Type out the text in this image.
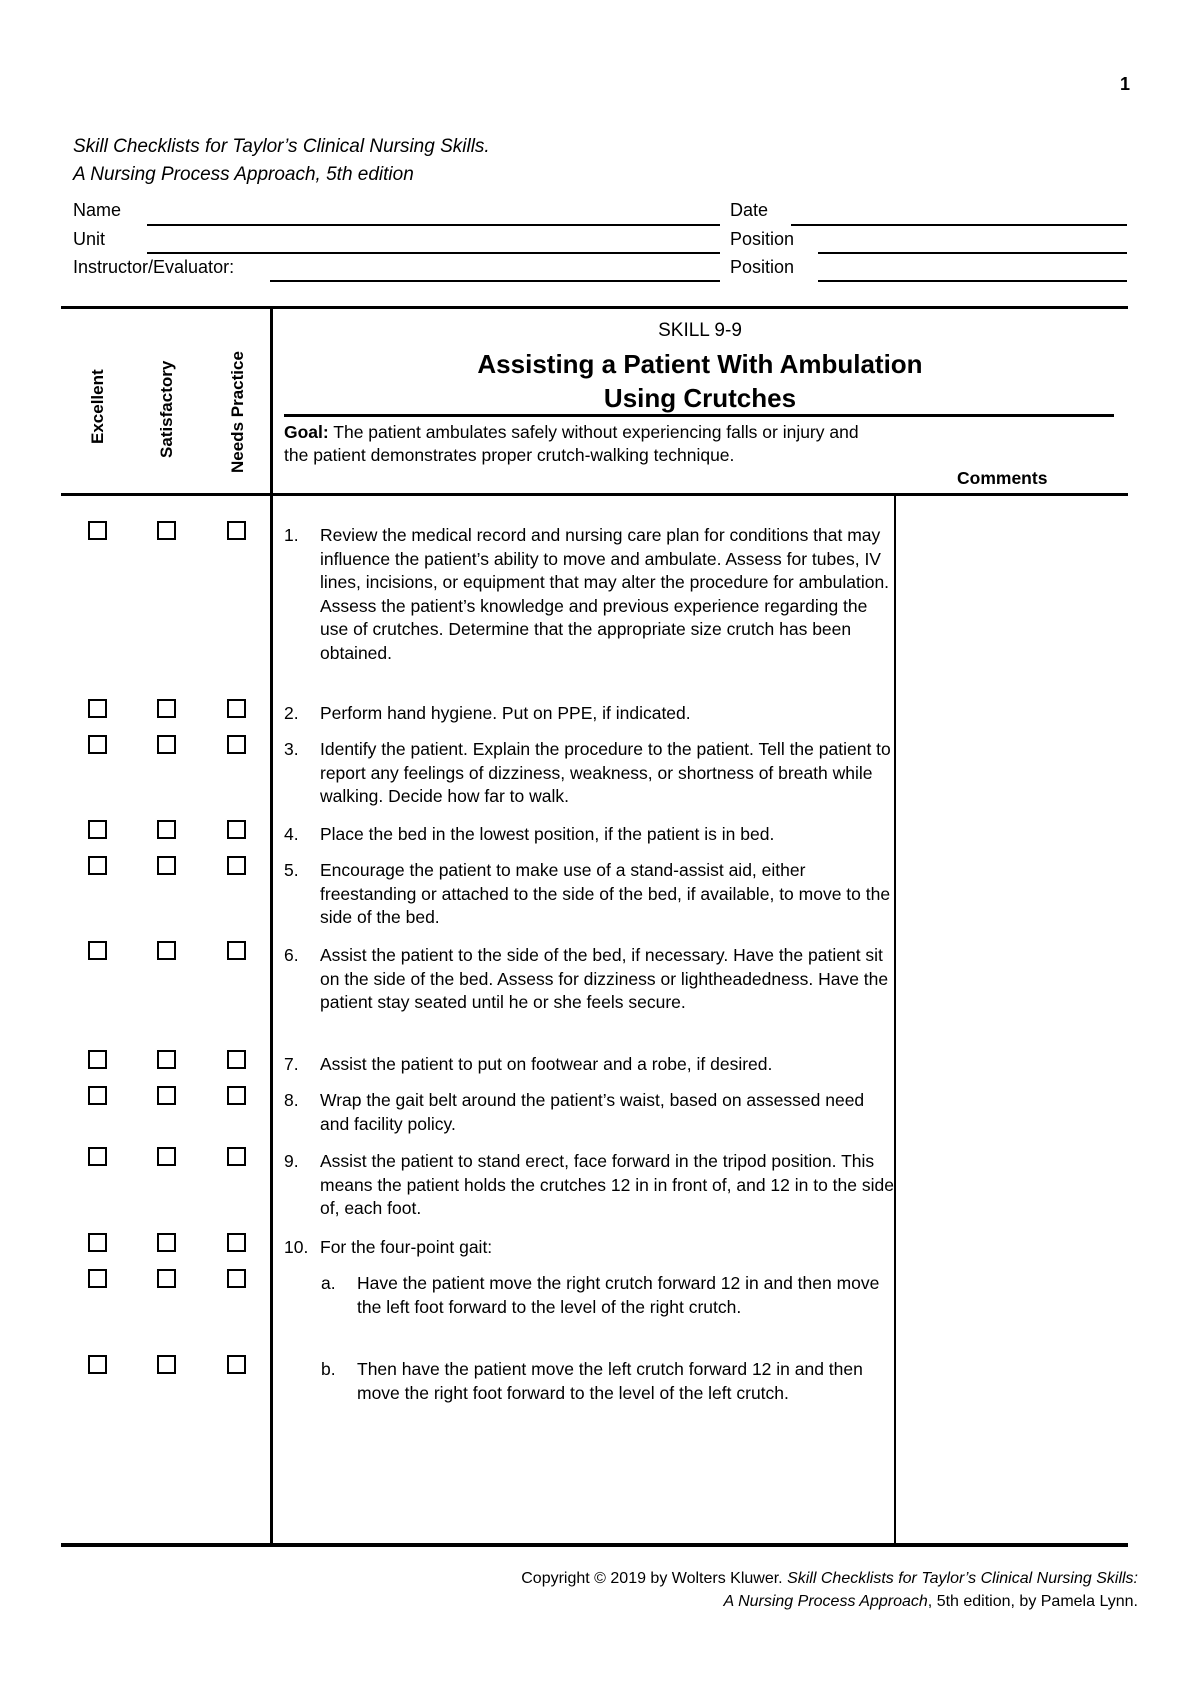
1
Skill Checklists for Taylor’s Clinical Nursing Skills.
A Nursing Process Approach, 5th edition
Name
Unit
Instructor/Evaluator:
Date
Position
Position
Excellent	Satisfactory	Needs Practice
SKILL 9-9
Assisting a Patient With Ambulation
Using Crutches
Goal: The patient ambulates safely without experiencing falls or injury and the patient demonstrates proper crutch-walking technique.
Comments
1.	Review the medical record and nursing care plan for conditions that may influence the patient’s ability to move and ambulate. Assess for tubes, IV lines, incisions, or equipment that may alter the procedure for ambulation. Assess the patient’s knowledge and previous experience regarding the use of crutches. Determine that the appropriate size crutch has been obtained.
2.	Perform hand hygiene. Put on PPE, if indicated.
3.	Identify the patient. Explain the procedure to the patient. Tell the patient to report any feelings of dizziness, weakness, or shortness of breath while walking. Decide how far to walk.
4.	Place the bed in the lowest position, if the patient is in bed.
5.	Encourage the patient to make use of a stand-assist aid, either freestanding or attached to the side of the bed, if available, to move to the side of the bed.
6.	Assist the patient to the side of the bed, if necessary. Have the patient sit on the side of the bed. Assess for dizziness or lightheadedness. Have the patient stay seated until he or she feels secure.
7.	Assist the patient to put on footwear and a robe, if desired.
8.	Wrap the gait belt around the patient’s waist, based on assessed need and facility policy.
9.	Assist the patient to stand erect, face forward in the tripod position. This means the patient holds the crutches 12 in in front of, and 12 in to the side of, each foot.
10. For the four-point gait:
a.	Have the patient move the right crutch forward 12 in and then move the left foot forward to the level of the right crutch.
b.	Then have the patient move the left crutch forward 12 in and then move the right foot forward to the level of the left crutch.
Copyright © 2019 by Wolters Kluwer. Skill Checklists for Taylor’s Clinical Nursing Skills:
A Nursing Process Approach, 5th edition, by Pamela Lynn.
